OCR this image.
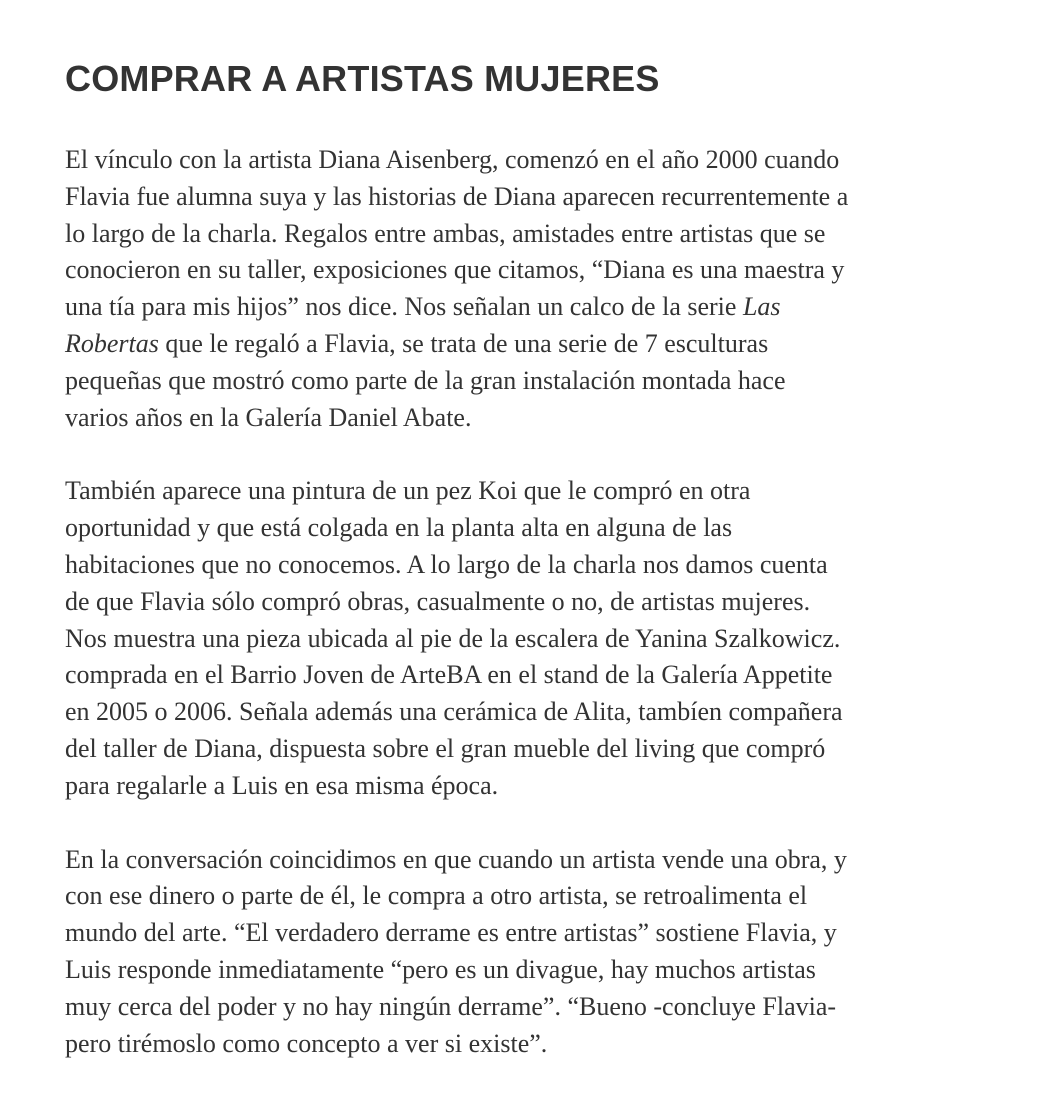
COMPRAR A ARTISTAS MUJERES

El vínculo con la artista Diana Aisenberg, comenzó en el año 2000 cuando
Flavia fue alumna suya y las historias de Diana aparecen recurrentemente a
lo largo de la charla. Regalos entre ambas, amistades entre artistas que se
conocieron en su taller, exposiciones que citamos, “Diana es una maestra y
una tía para mis hijos” nos dice. Nos señalan un calco de la serie Las
Robertas que le regaló a Flavia, se trata de una serie de 7 esculturas
pequeñas que mostró como parte de la gran instalación montada hace
varios años en la Galería Daniel Abate.

También aparece una pintura de un pez Koi que le compró en otra
oportunidad y que está colgada en la planta alta en alguna de las
habitaciones que no conocemos. A lo largo de la charla nos damos cuenta
de que Flavia sólo compró obras, casualmente o no, de artistas mujeres.
Nos muestra una pieza ubicada al pie de la escalera de Yanina Szalkowicz.
comprada en el Barrio Joven de ArteBA en el stand de la Galería Appetite
en 2005 o 2006. Señala además una cerámica de Alita, tambíen compañera
del taller de Diana, dispuesta sobre el gran mueble del living que compró
para regalarle a Luis en esa misma época.

En la conversación coincidimos en que cuando un artista vende una obra, y
con ese dinero o parte de él, le compra a otro artista, se retroalimenta el
mundo del arte. “El verdadero derrame es entre artistas” sostiene Flavia, y
Luis responde inmediatamente “pero es un divague, hay muchos artistas
muy cerca del poder y no hay ningún derrame”. “Bueno -concluye Flavia-
pero tirémoslo como concepto a ver si existe”.
